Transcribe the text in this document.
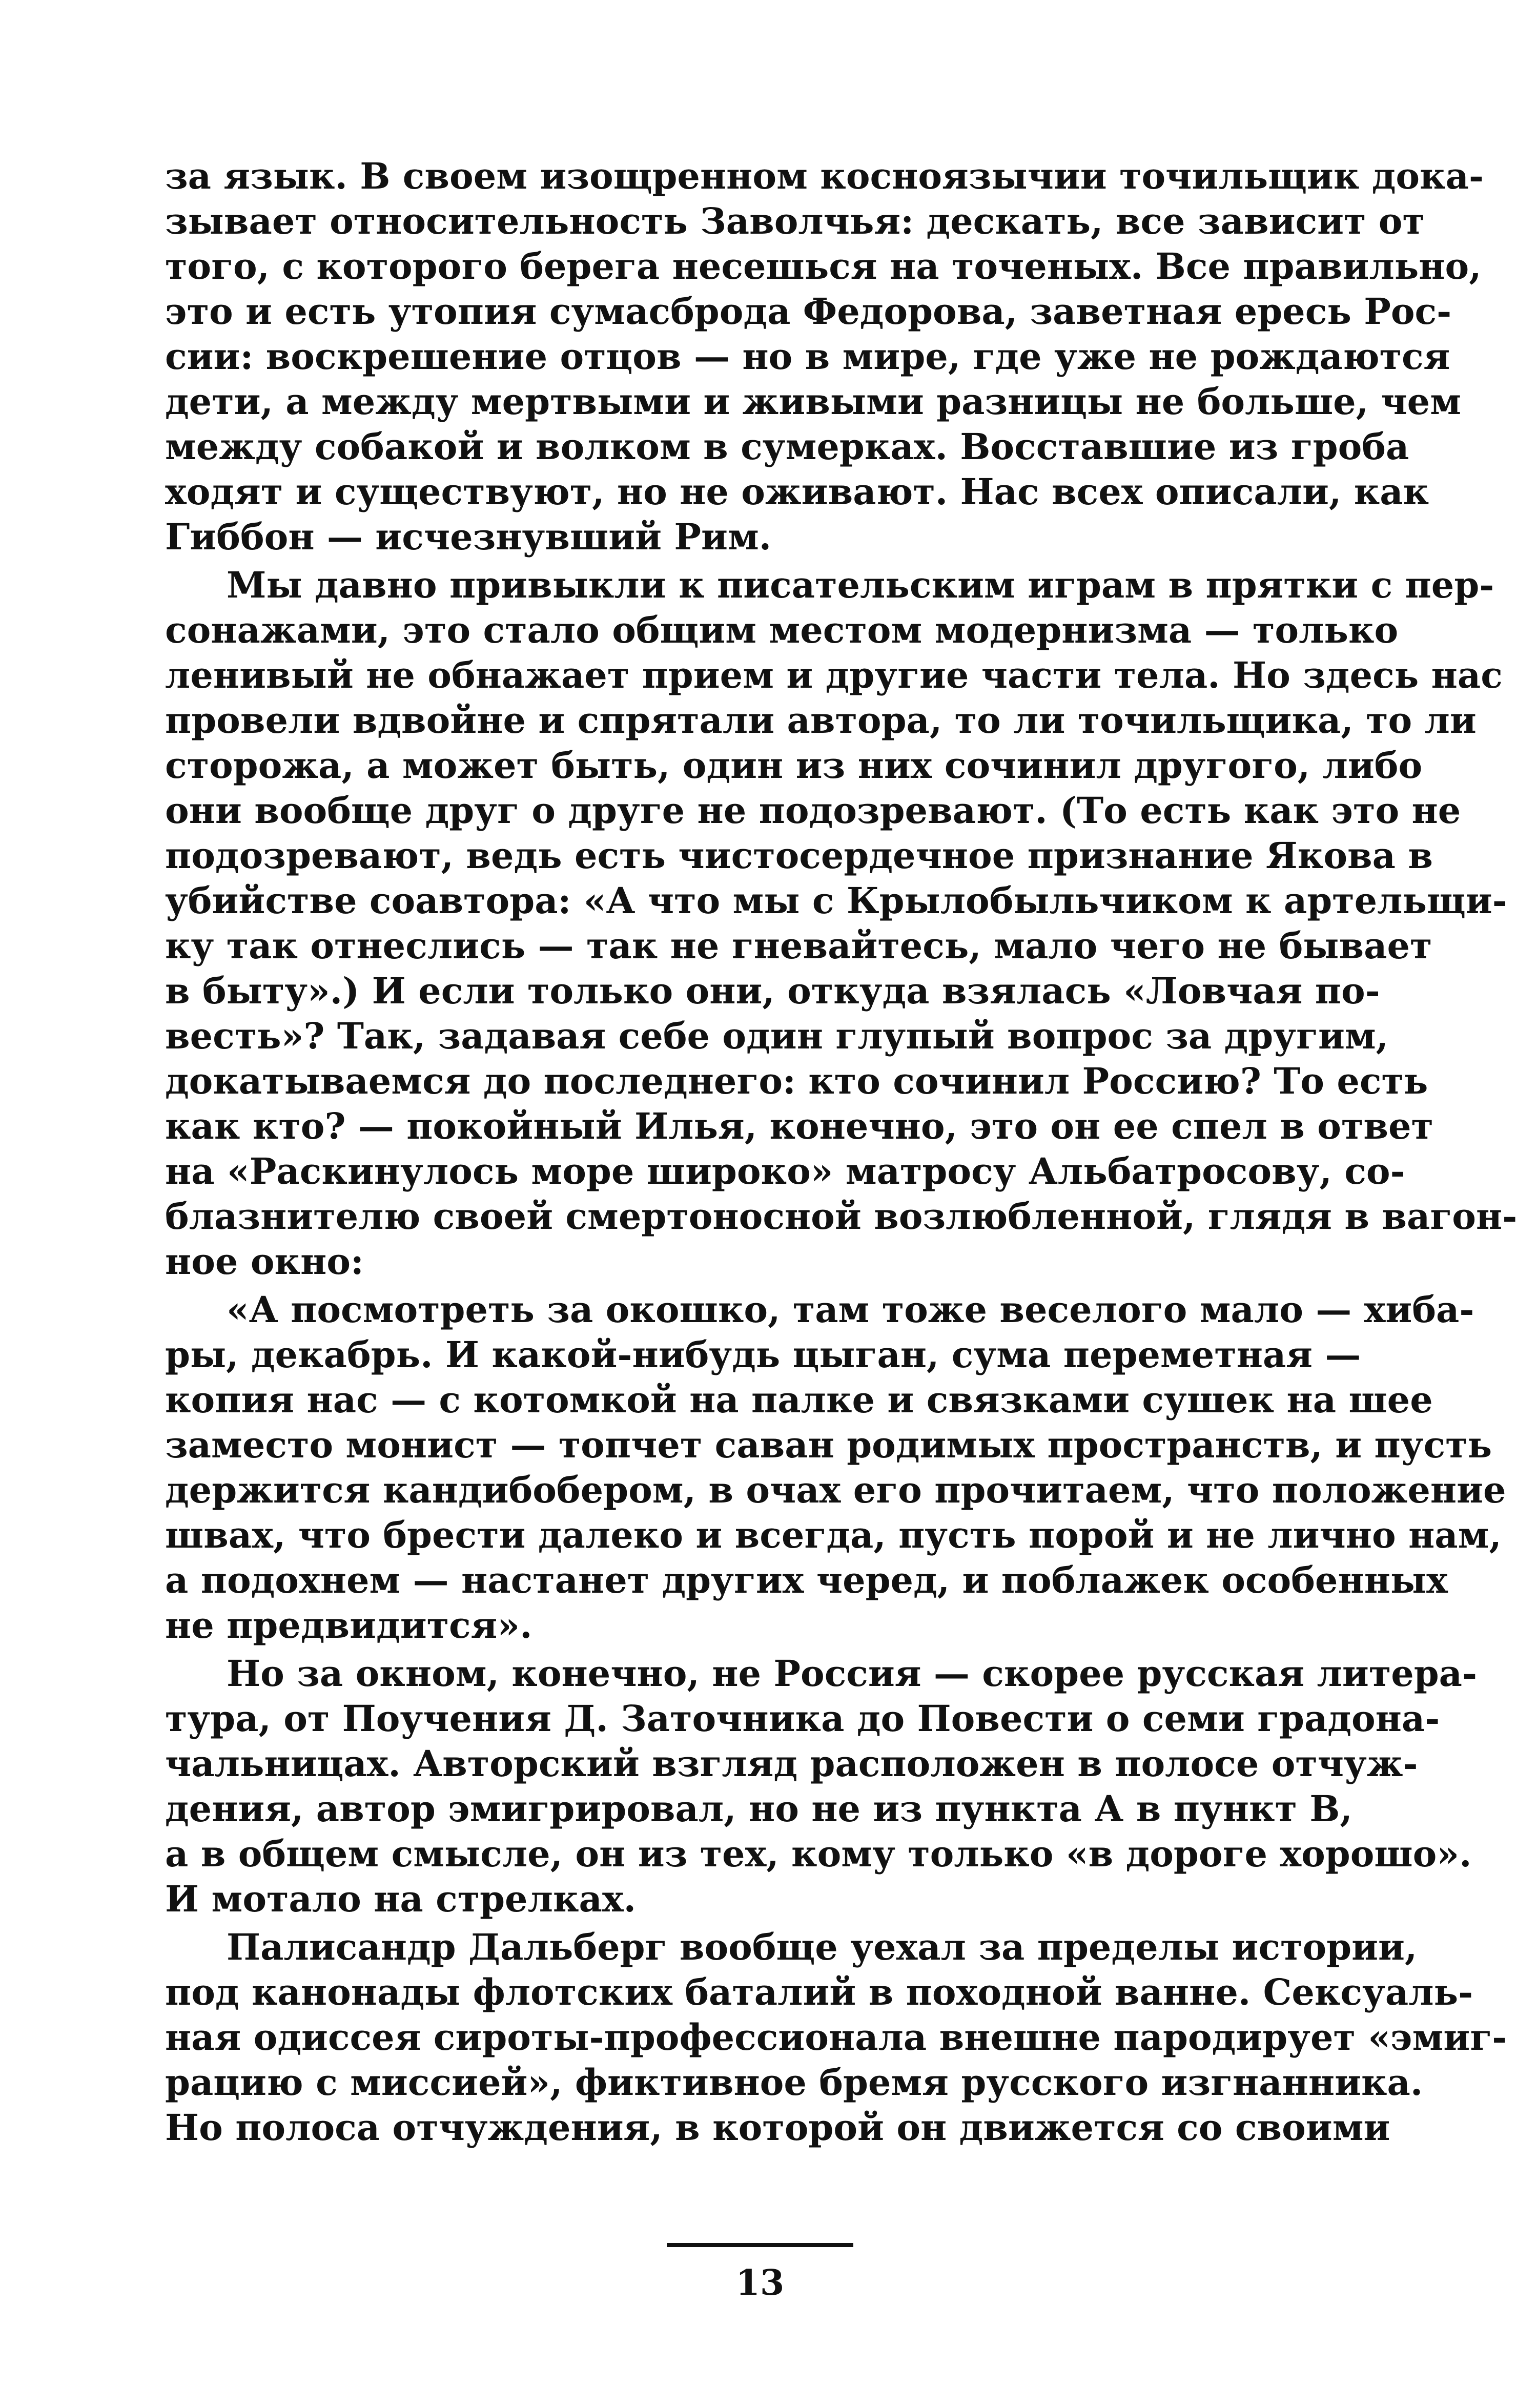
за язык. В своем изощренном косноязычии точильщик дока-
зывает относительность Заволчья: дескать, все зависит от
того, с которого берега несешься на точеных. Все правильно,
это и есть утопия сумасброда Федорова, заветная ересь Рос-
сии: воскрешение отцов — но в мире, где уже не рождаются
дети, а между мертвыми и живыми разницы не больше, чем
между собакой и волком в сумерках. Восставшие из гроба
ходят и существуют, но не оживают. Нас всех описали, как
Гиббон — исчезнувший Рим.
Мы давно привыкли к писательским играм в прятки с пер-
сонажами, это стало общим местом модернизма — только
ленивый не обнажает прием и другие части тела. Но здесь нас
провели вдвойне и спрятали автора, то ли точильщика, то ли
сторожа, а может быть, один из них сочинил другого, либо
они вообще друг о друге не подозревают. (То есть как это не
подозревают, ведь есть чистосердечное признание Якова в
убийстве соавтора: «А что мы с Крылобыльчиком к артельщи-
ку так отнеслись — так не гневайтесь, мало чего не бывает
в быту».) И если только они, откуда взялась «Ловчая по-
весть»? Так, задавая себе один глупый вопрос за другим,
докатываемся до последнего: кто сочинил Россию? То есть
как кто? — покойный Илья, конечно, это он ее спел в ответ
на «Раскинулось море широко» матросу Альбатросову, со-
блазнителю своей смертоносной возлюбленной, глядя в вагон-
ное окно:
«А посмотреть за окошко, там тоже веселого мало — хиба-
ры, декабрь. И какой-нибудь цыган, сума переметная —
копия нас — с котомкой на палке и связками сушек на шее
заместо монист — топчет саван родимых пространств, и пусть
держится кандибобером, в очах его прочитаем, что положение
швах, что брести далеко и всегда, пусть порой и не лично нам,
а подохнем — настанет других черед, и поблажек особенных
не предвидится».
Но за окном, конечно, не Россия — скорее русская литера-
тура, от Поучения Д. Заточника до Повести о семи градона-
чальницах. Авторский взгляд расположен в полосе отчуж-
дения, автор эмигрировал, но не из пункта А в пункт В,
а в общем смысле, он из тех, кому только «в дороге хорошо».
И мотало на стрелках.
Палисандр Дальберг вообще уехал за пределы истории,
под канонады флотских баталий в походной ванне. Сексуаль-
ная одиссея сироты-профессионала внешне пародирует «эмиг-
рацию с миссией», фиктивное бремя русского изгнанника.
Но полоса отчуждения, в которой он движется со своими
13
